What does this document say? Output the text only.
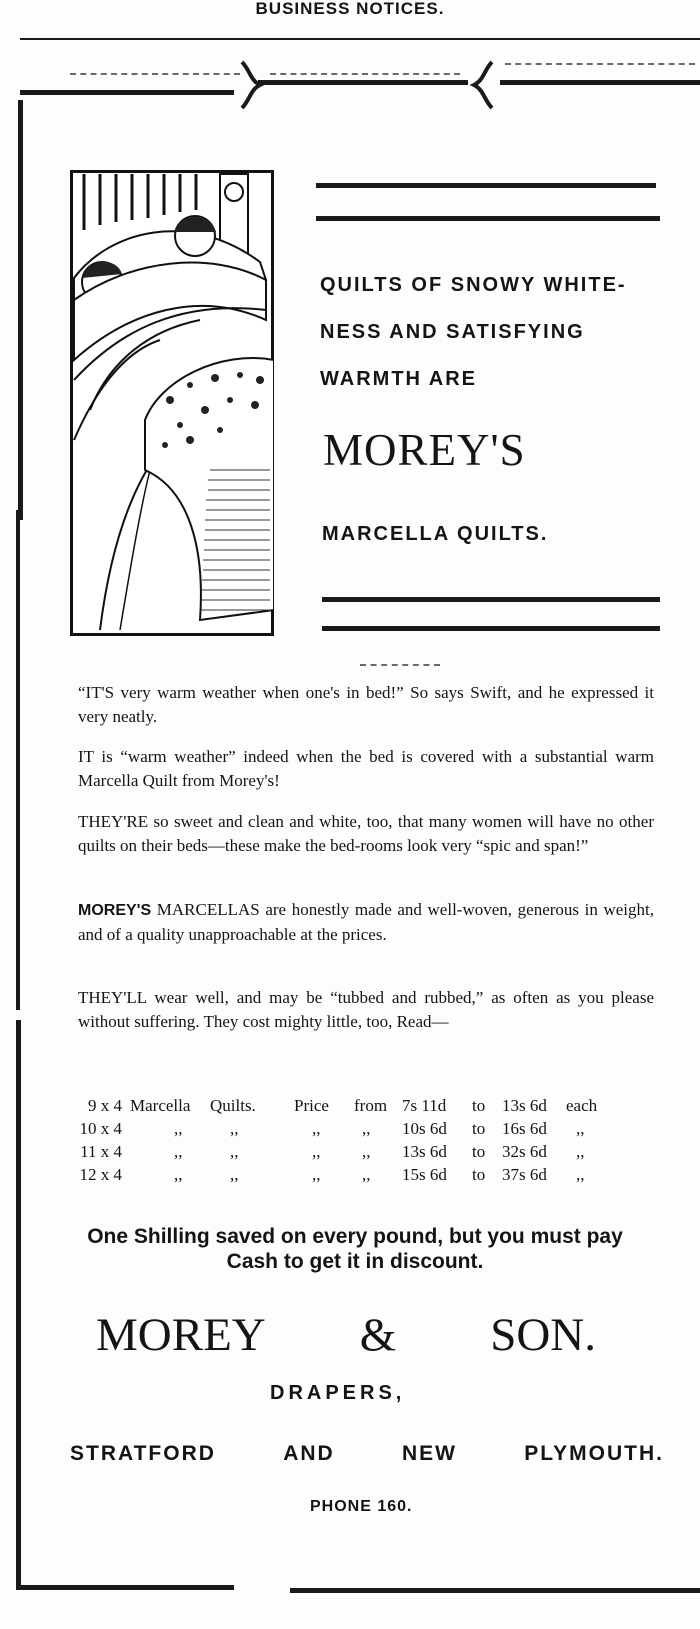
BUSINESS NOTICES.
QUILTS OF SNOWY WHITE-
NESS AND SATISFYING
WARMTH ARE
MOREY'S
MARCELLA QUILTS.
“IT'S very warm weather when one's in bed!” So says Swift, and he expressed it very neatly.
IT is “warm weather” indeed when the bed is covered with a substantial warm Marcella Quilt from Morey's!
THEY'RE so sweet and clean and white, too, that many women will have no other quilts on their beds—these make the bed-rooms look very “spic and span!”
MOREY'S MARCELLAS are honestly made and well-woven, generous in weight, and of a quality unapproachable at the prices.
THEY'LL wear well, and may be “tubbed and rubbed,” as often as you please without suffering. They cost mighty little, too, Read—
9 x 4	Marcella	Quilts.	Price	from	7s 11d	to	13s 6d	each
10 x 4	,,	,,	,,	,,	10s 6d	to	16s 6d	,,
11 x 4	,,	,,	,,	,,	13s 6d	to	32s 6d	,,
12 x 4	,,	,,	,,	,,	15s 6d	to	37s 6d	,,
One Shilling saved on every pound, but you must pay
Cash to get it in discount.
MOREY & SON.
DRAPERS,
STRATFORD	AND	NEW	PLYMOUTH.
PHONE 160.
